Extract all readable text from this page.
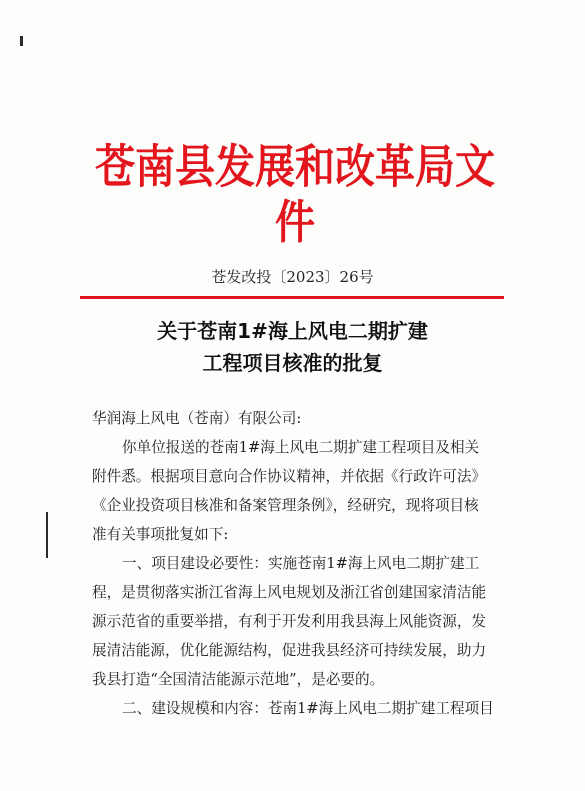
苍南县发展和改革局文件
苍发改投〔2023〕26号
关于苍南1#海上风电二期扩建
工程项目核准的批复

华润海上风电（苍南）有限公司:

你单位报送的苍南1#海上风电二期扩建工程项目及相关

附件悉。根据项目意向合作协议精神，并依据《行政许可法》

《企业投资项目核准和备案管理条例》，经研究，现将项目核

准有关事项批复如下:

一、项目建设必要性：实施苍南1#海上风电二期扩建工

程，是贯彻落实浙江省海上风电规划及浙江省创建国家清洁能

源示范省的重要举措，有利于开发利用我县海上风能资源，发

展清洁能源，优化能源结构，促进我县经济可持续发展，助力

我县打造“全国清洁能源示范地”，是必要的。

二、建设规模和内容：苍南1#海上风电二期扩建工程项目
